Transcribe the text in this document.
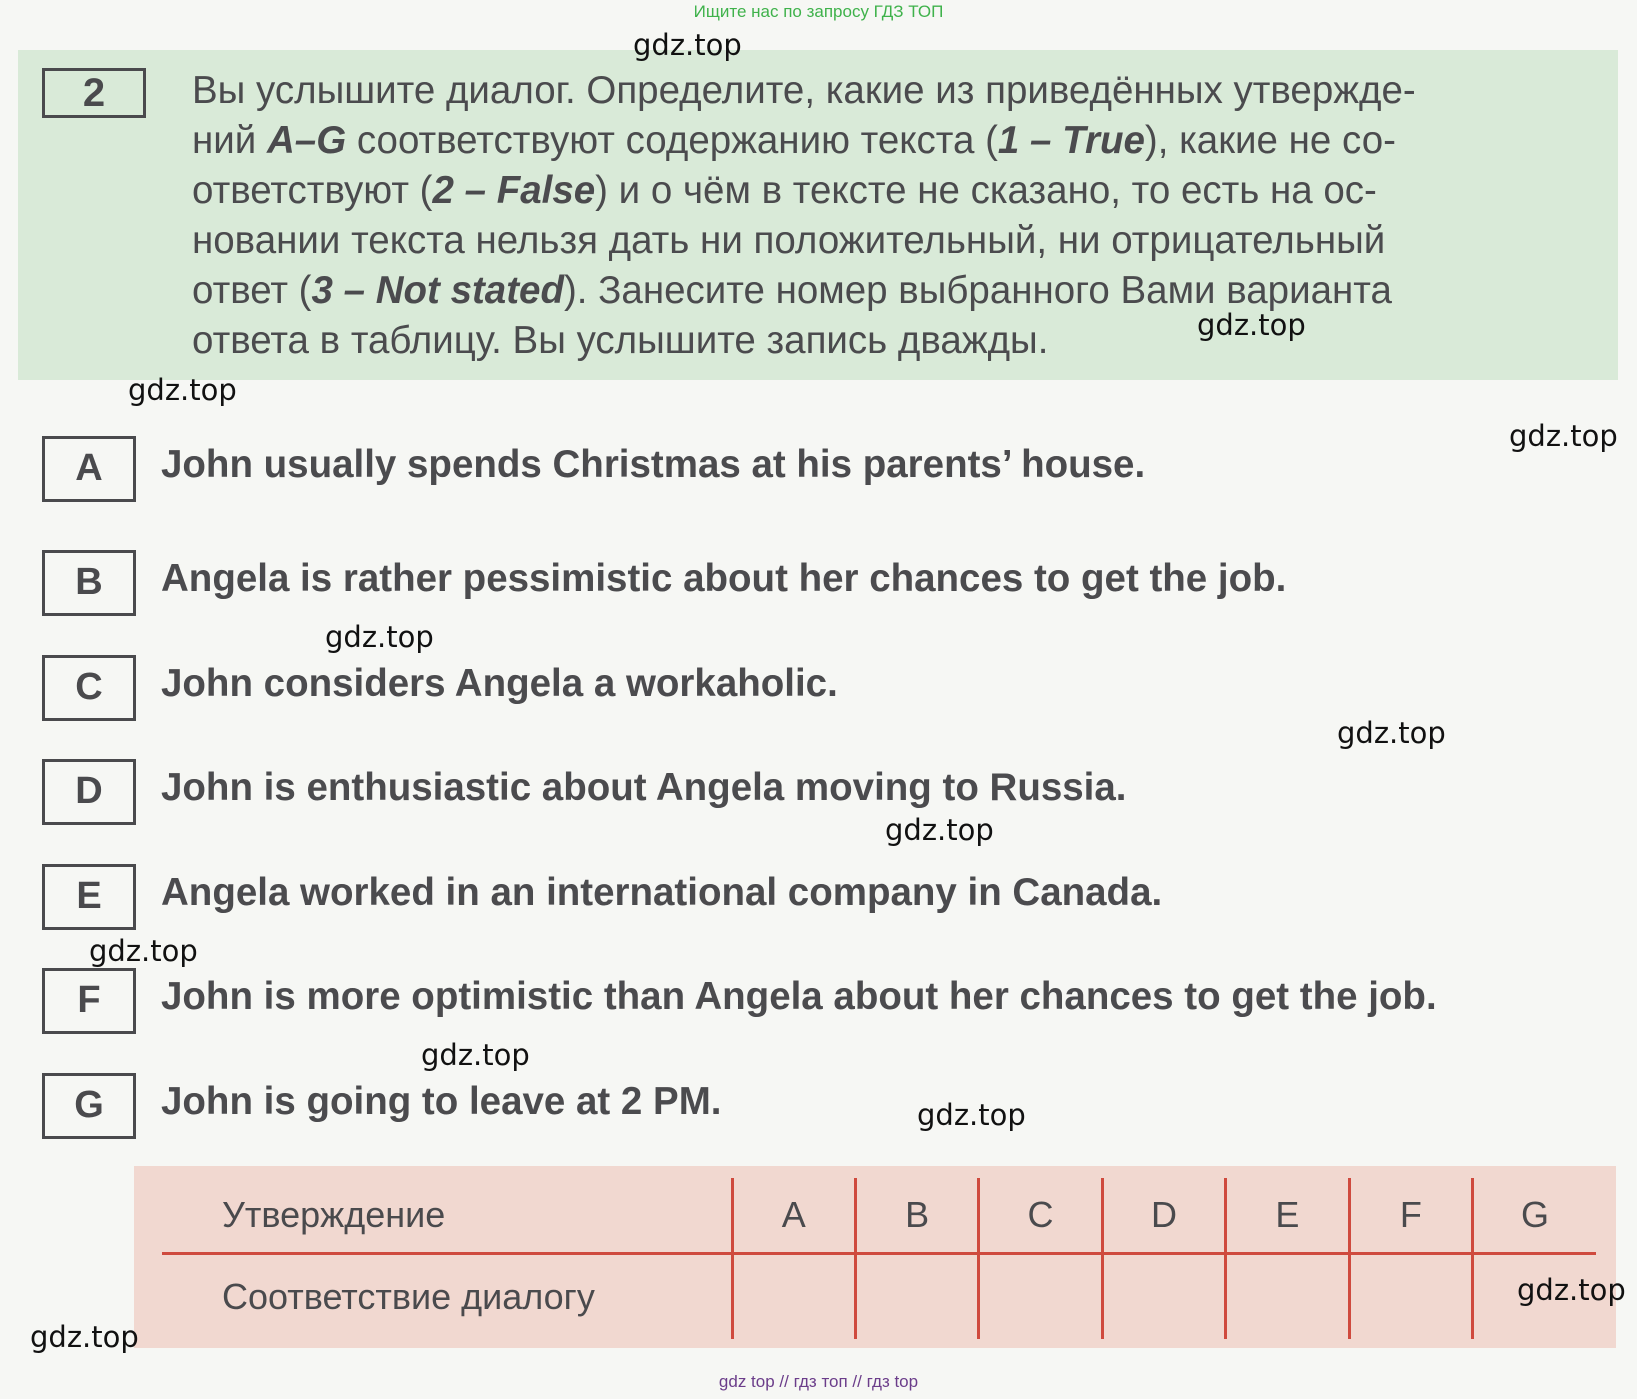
Ищите нас по запросу ГДЗ ТОП
2	Вы услышите диалог. Определите, какие из приведённых утвержде-
ний A–G соответствуют содержанию текста (1 – True), какие не со-
ответствуют (2 – False) и о чём в тексте не сказано, то есть на ос-
новании текста нельзя дать ни положительный, ни отрицательный
ответ (3 – Not stated). Занесите номер выбранного Вами варианта
ответа в таблицу. Вы услышите запись дважды.
A	John usually spends Christmas at his parents’ house.
B	Angela is rather pessimistic about her chances to get the job.
C	John considers Angela a workaholic.
D	John is enthusiastic about Angela moving to Russia.
E	Angela worked in an international company in Canada.
F	John is more optimistic than Angela about her chances to get the job.
G	John is going to leave at 2 PM.
Утверждение	A	B	C	D	E	F	G
Соответствие диалогу							
gdz.top
gdz.top
gdz.top
gdz.top
gdz.top
gdz.top
gdz.top
gdz.top
gdz.top
gdz.top
gdz.top
gdz.top
gdz top // гдз топ // гдз top
